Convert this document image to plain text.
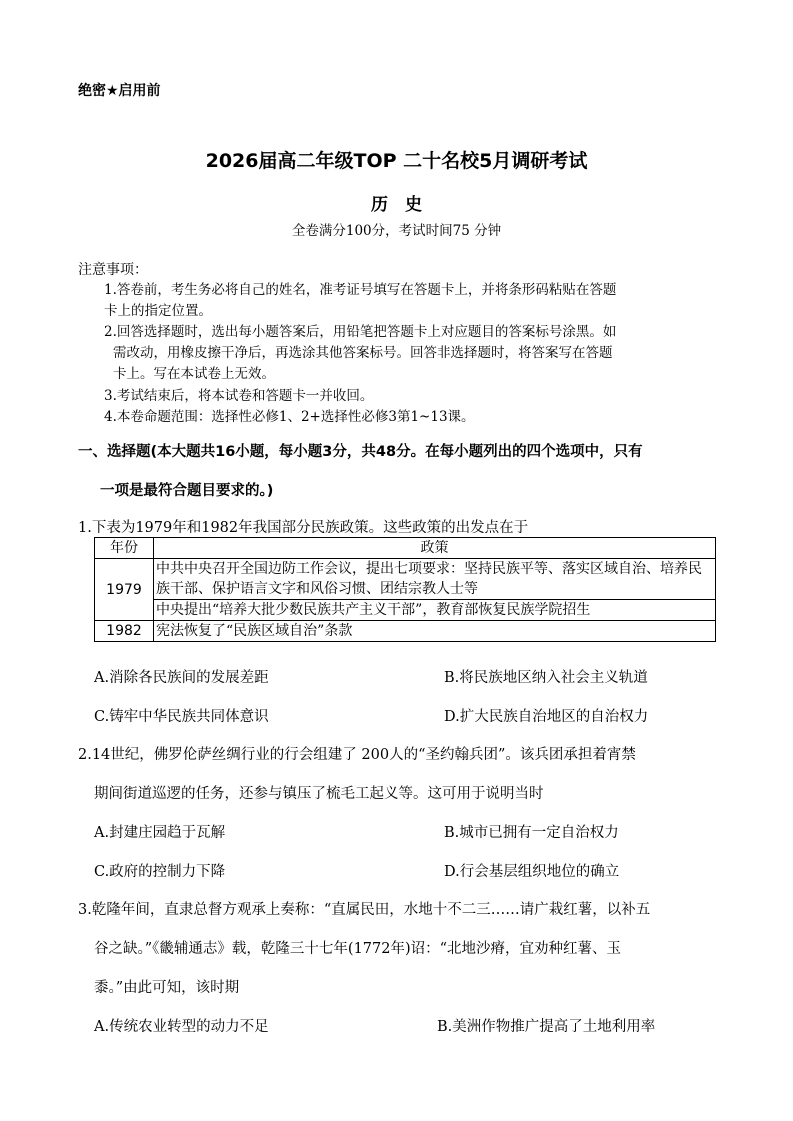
绝密★启用前
2026届高二年级TOP 二十名校5月调研考试
历　史
全卷满分100分，考试时间75 分钟
注意事项：
1.答卷前，考生务必将自己的姓名，准考证号填写在答题卡上，并将条形码粘贴在答题
卡上的指定位置。
2.回答选择题时，选出每小题答案后，用铅笔把答题卡上对应题目的答案标号涂黑。如
需改动，用橡皮擦干净后，再选涂其他答案标号。回答非选择题时，将答案写在答题
卡上。写在本试卷上无效。
3.考试结束后，将本试卷和答题卡一并收回。
4.本卷命题范围：选择性必修1、2+选择性必修3第1~13课。
一、选择题(本大题共16小题，每小题3分，共48分。在每小题列出的四个选项中，只有
一项是最符合题目要求的。)
1.下表为1979年和1982年我国部分民族政策。这些政策的出发点在于
年份	政策
1979	中共中央召开全国边防工作会议，提出七项要求：坚持民族平等、落实区域自治、培养民族干部、保护语言文字和风俗习惯、团结宗教人士等
	中央提出“培养大批少数民族共产主义干部”，教育部恢复民族学院招生
1982	宪法恢复了“民族区域自治”条款
A.消除各民族间的发展差距	B.将民族地区纳入社会主义轨道
C.铸牢中华民族共同体意识	D.扩大民族自治地区的自治权力
2.14世纪，佛罗伦萨丝绸行业的行会组建了 200人的“圣约翰兵团”。该兵团承担着宵禁
期间街道巡逻的任务，还参与镇压了梳毛工起义等。这可用于说明当时
A.封建庄园趋于瓦解	B.城市已拥有一定自治权力
C.政府的控制力下降	D.行会基层组织地位的确立
3.乾隆年间，直隶总督方观承上奏称：“直属民田，水地十不二三……请广栽红薯，以补五
谷之缺。”《畿辅通志》载，乾隆三十七年(1772年)诏：“北地沙瘠，宜劝种红薯、玉
黍。”由此可知，该时期
A.传统农业转型的动力不足	B.美洲作物推广提高了土地利用率
